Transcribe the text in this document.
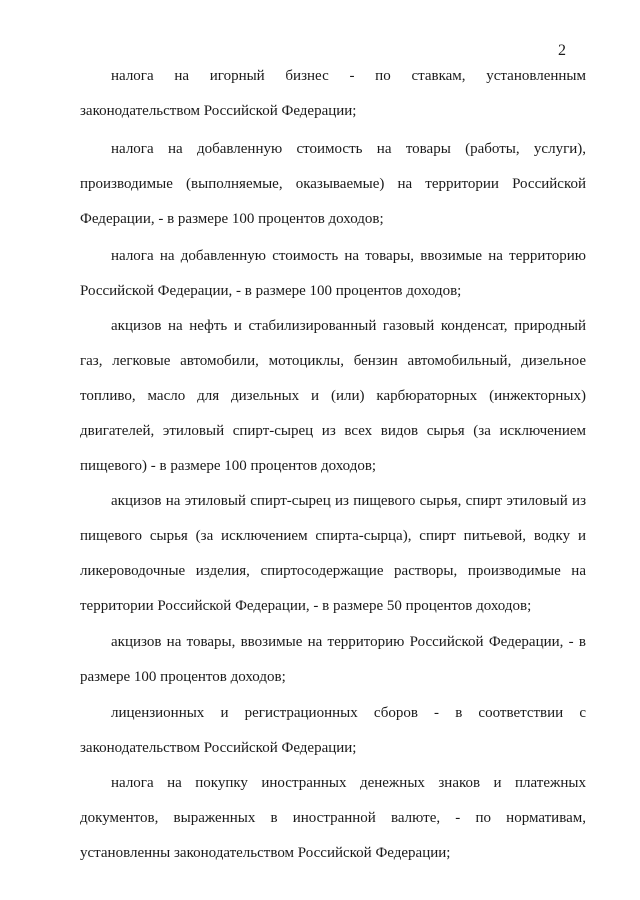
2

налога на игорный бизнес - по ставкам, установленным законодательством Российской Федерации;

налога на добавленную стоимость на товары (работы, услуги), производимые (выполняемые, оказываемые) на территории Российской Федерации, - в размере 100 процентов доходов;

налога на добавленную стоимость на товары, ввозимые на территорию Российской Федерации, - в размере 100 процентов доходов;

акцизов на нефть и стабилизированный газовый конденсат, природный газ, легковые автомобили, мотоциклы, бензин автомобильный, дизельное топливо, масло для дизельных и (или) карбюраторных (инжекторных) двигателей, этиловый спирт-сырец из всех видов сырья (за исключением пищевого) - в размере 100 процентов доходов;

акцизов на этиловый спирт-сырец из пищевого сырья, спирт этиловый из пищевого сырья (за исключением спирта-сырца), спирт питьевой, водку и ликероводочные изделия, спиртосодержащие растворы, производимые на территории Российской Федерации, - в размере 50 процентов доходов;

акцизов на товары, ввозимые на территорию Российской Федерации, - в размере 100 процентов доходов;

лицензионных и регистрационных сборов - в соответствии с законодательством Российской Федерации;

налога на покупку иностранных денежных знаков и платежных документов, выраженных в иностранной валюте, - по нормативам, установленны законодательством Российской Федерации;
